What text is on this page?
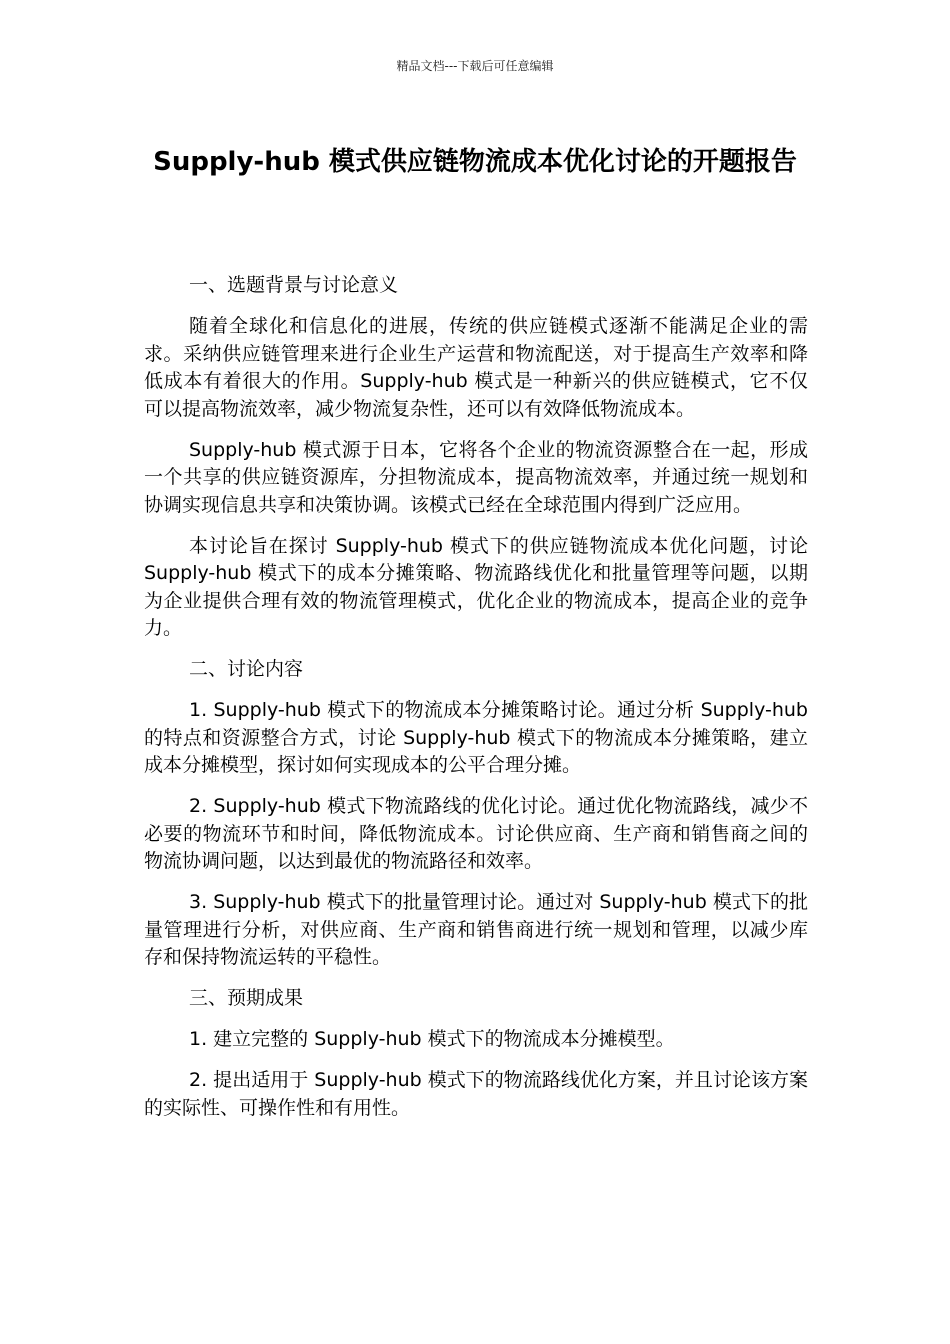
精品文档---下载后可任意编辑
Supply-hub 模式供应链物流成本优化讨论的开题报告

一、选题背景与讨论意义

随着全球化和信息化的进展，传统的供应链模式逐渐不能满足企业的需求。采纳供应链管理来进行企业生产运营和物流配送，对于提高生产效率和降低成本有着很大的作用。Supply-hub 模式是一种新兴的供应链模式，它不仅可以提高物流效率，减少物流复杂性，还可以有效降低物流成本。

Supply-hub 模式源于日本，它将各个企业的物流资源整合在一起，形成一个共享的供应链资源库，分担物流成本，提高物流效率，并通过统一规划和协调实现信息共享和决策协调。该模式已经在全球范围内得到广泛应用。

本讨论旨在探讨 Supply-hub 模式下的供应链物流成本优化问题，讨论 Supply-hub 模式下的成本分摊策略、物流路线优化和批量管理等问题，以期为企业提供合理有效的物流管理模式，优化企业的物流成本，提高企业的竞争力。

二、讨论内容

1. Supply-hub 模式下的物流成本分摊策略讨论。通过分析 Supply-hub 的特点和资源整合方式，讨论 Supply-hub 模式下的物流成本分摊策略，建立成本分摊模型，探讨如何实现成本的公平合理分摊。

2. Supply-hub 模式下物流路线的优化讨论。通过优化物流路线，减少不必要的物流环节和时间，降低物流成本。讨论供应商、生产商和销售商之间的物流协调问题，以达到最优的物流路径和效率。

3. Supply-hub 模式下的批量管理讨论。通过对 Supply-hub 模式下的批量管理进行分析，对供应商、生产商和销售商进行统一规划和管理，以减少库存和保持物流运转的平稳性。

三、预期成果

1. 建立完整的 Supply-hub 模式下的物流成本分摊模型。

2. 提出适用于 Supply-hub 模式下的物流路线优化方案，并且讨论该方案的实际性、可操作性和有用性。
